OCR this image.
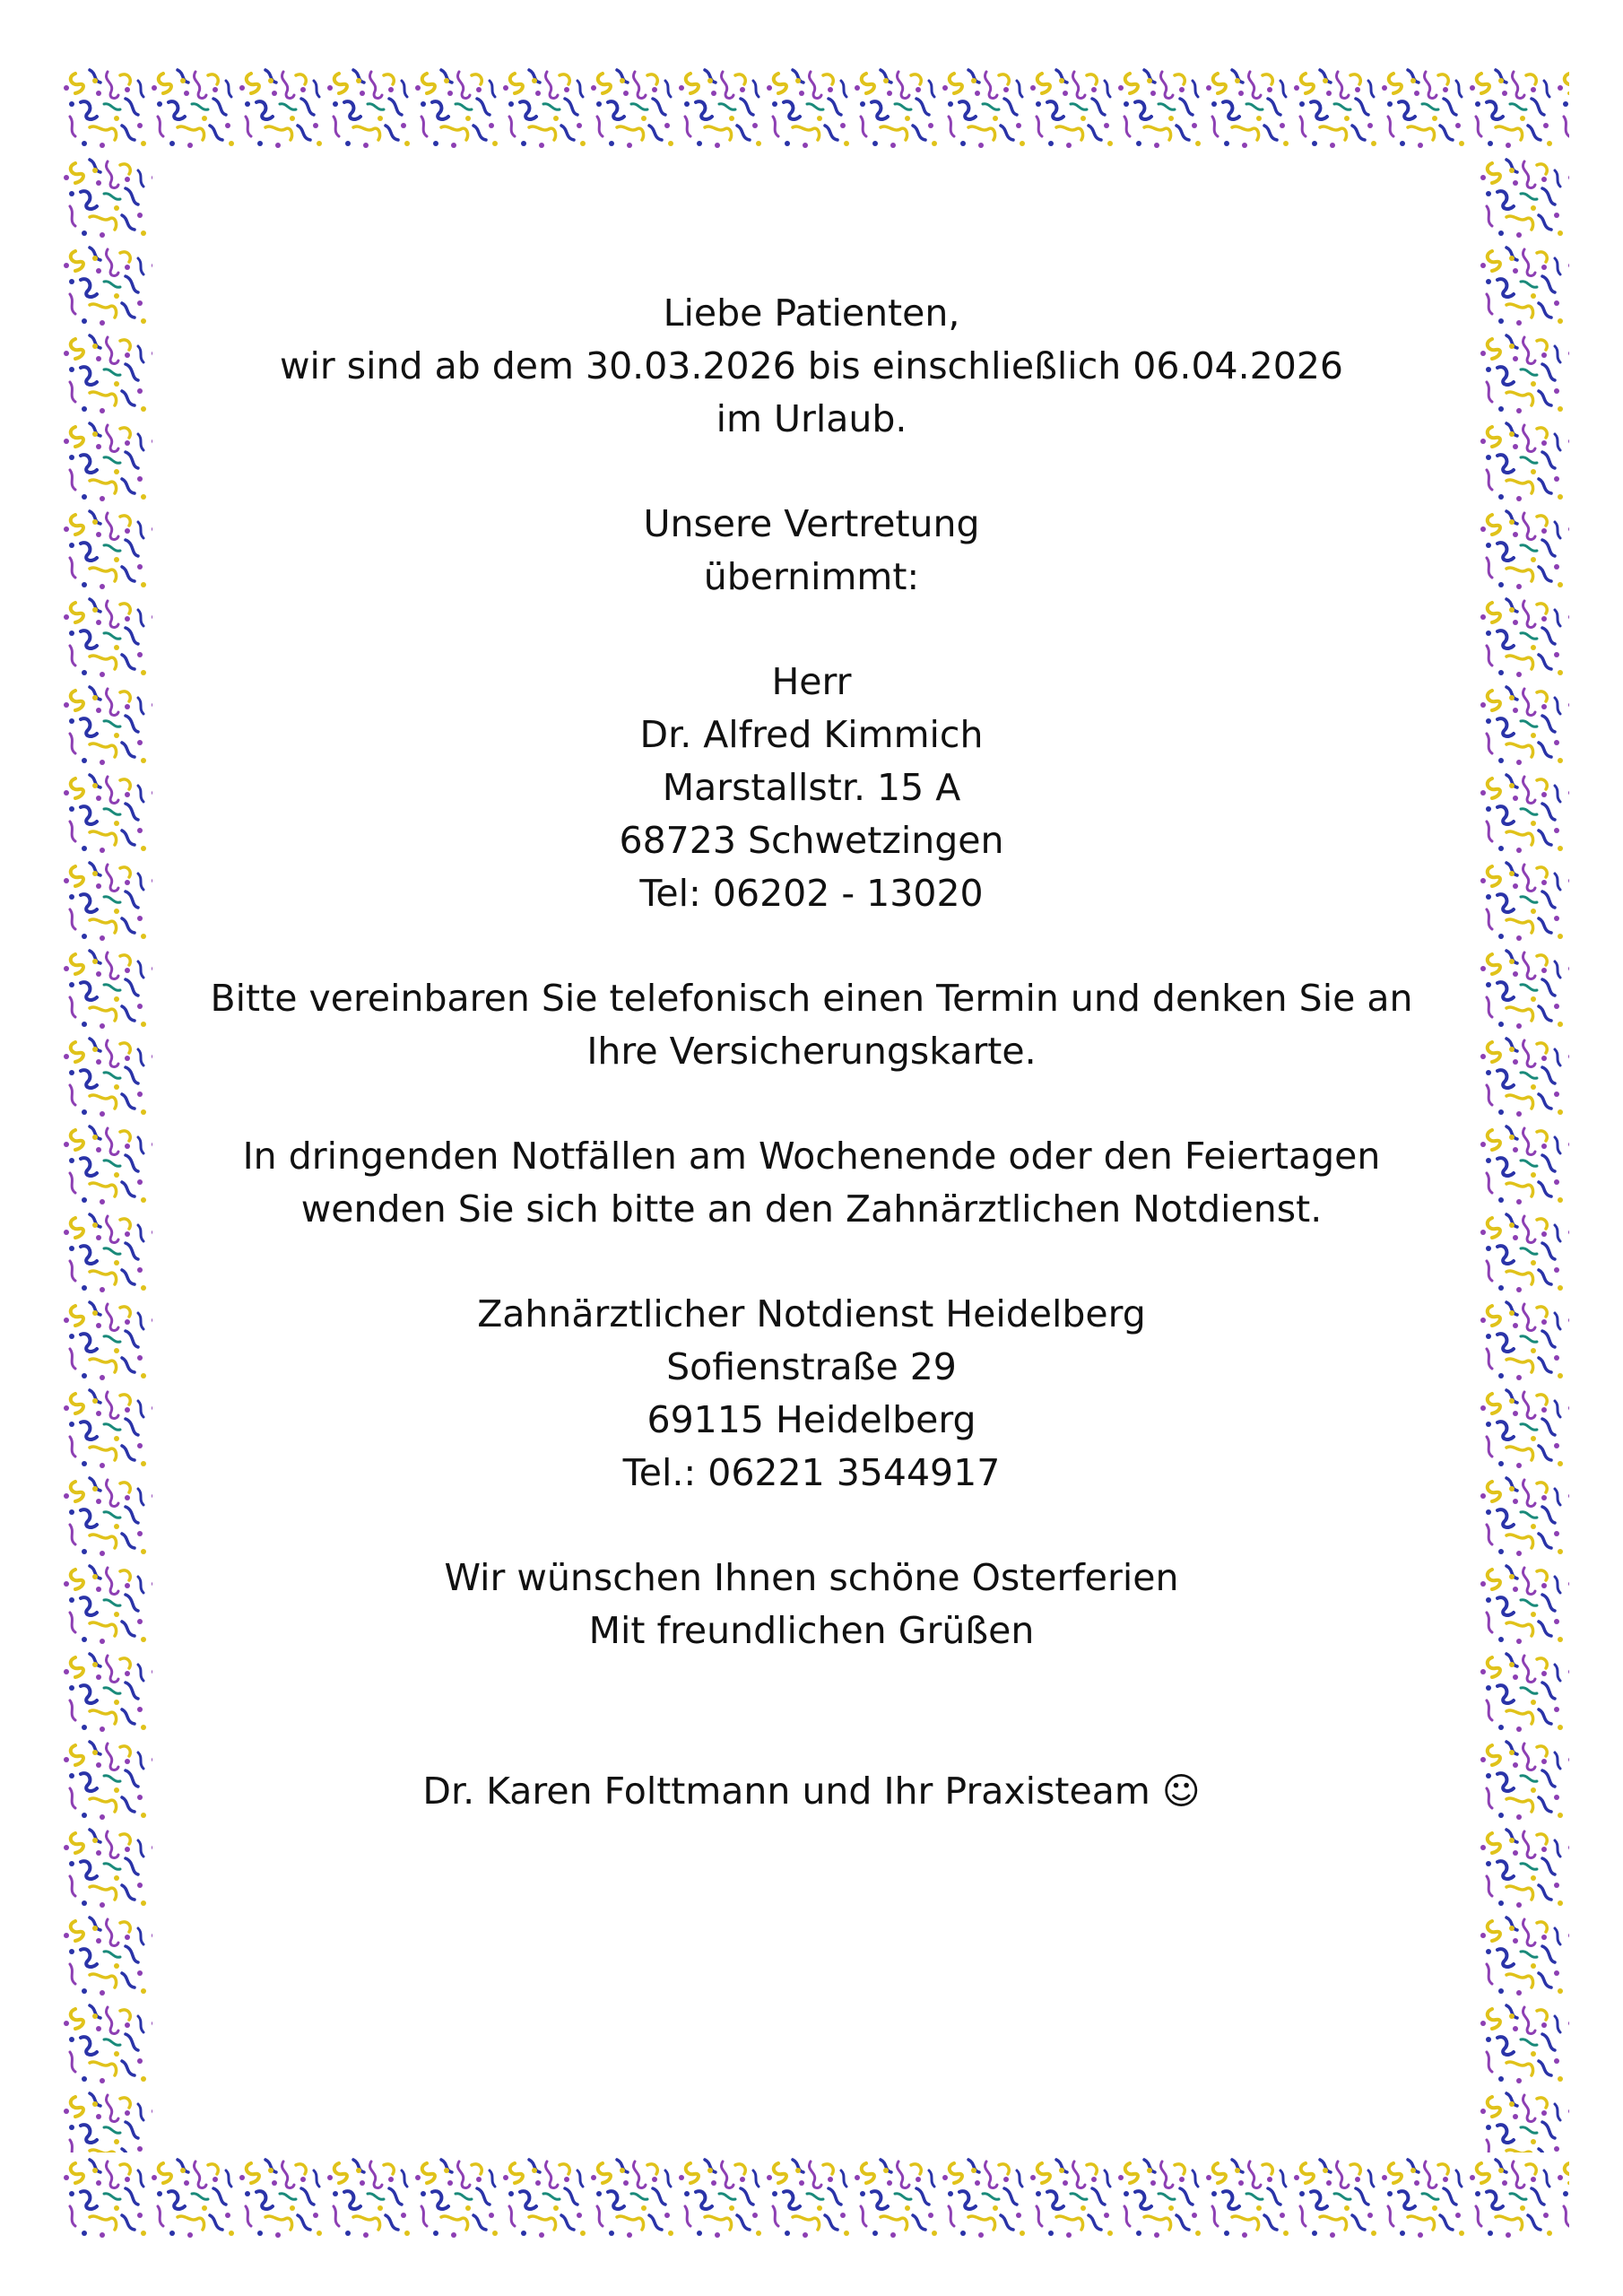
Liebe Patienten,

wir sind ab dem 30.03.2026 bis einschließlich 06.04.2026

im Urlaub.

Unsere Vertretung

übernimmt:

Herr

Dr. Alfred Kimmich

Marstallstr. 15 A

68723 Schwetzingen

Tel: 06202 - 13020

Bitte vereinbaren Sie telefonisch einen Termin und denken Sie an

Ihre Versicherungskarte.

In dringenden Notfällen am Wochenende oder den Feiertagen

wenden Sie sich bitte an den Zahnärztlichen Notdienst.

Zahnärztlicher Notdienst Heidelberg

Sofienstraße 29

69115 Heidelberg

Tel.: 06221 3544917

Wir wünschen Ihnen schöne Osterferien

Mit freundlichen Grüßen

Dr. Karen Folttmann und Ihr Praxisteam ☺
